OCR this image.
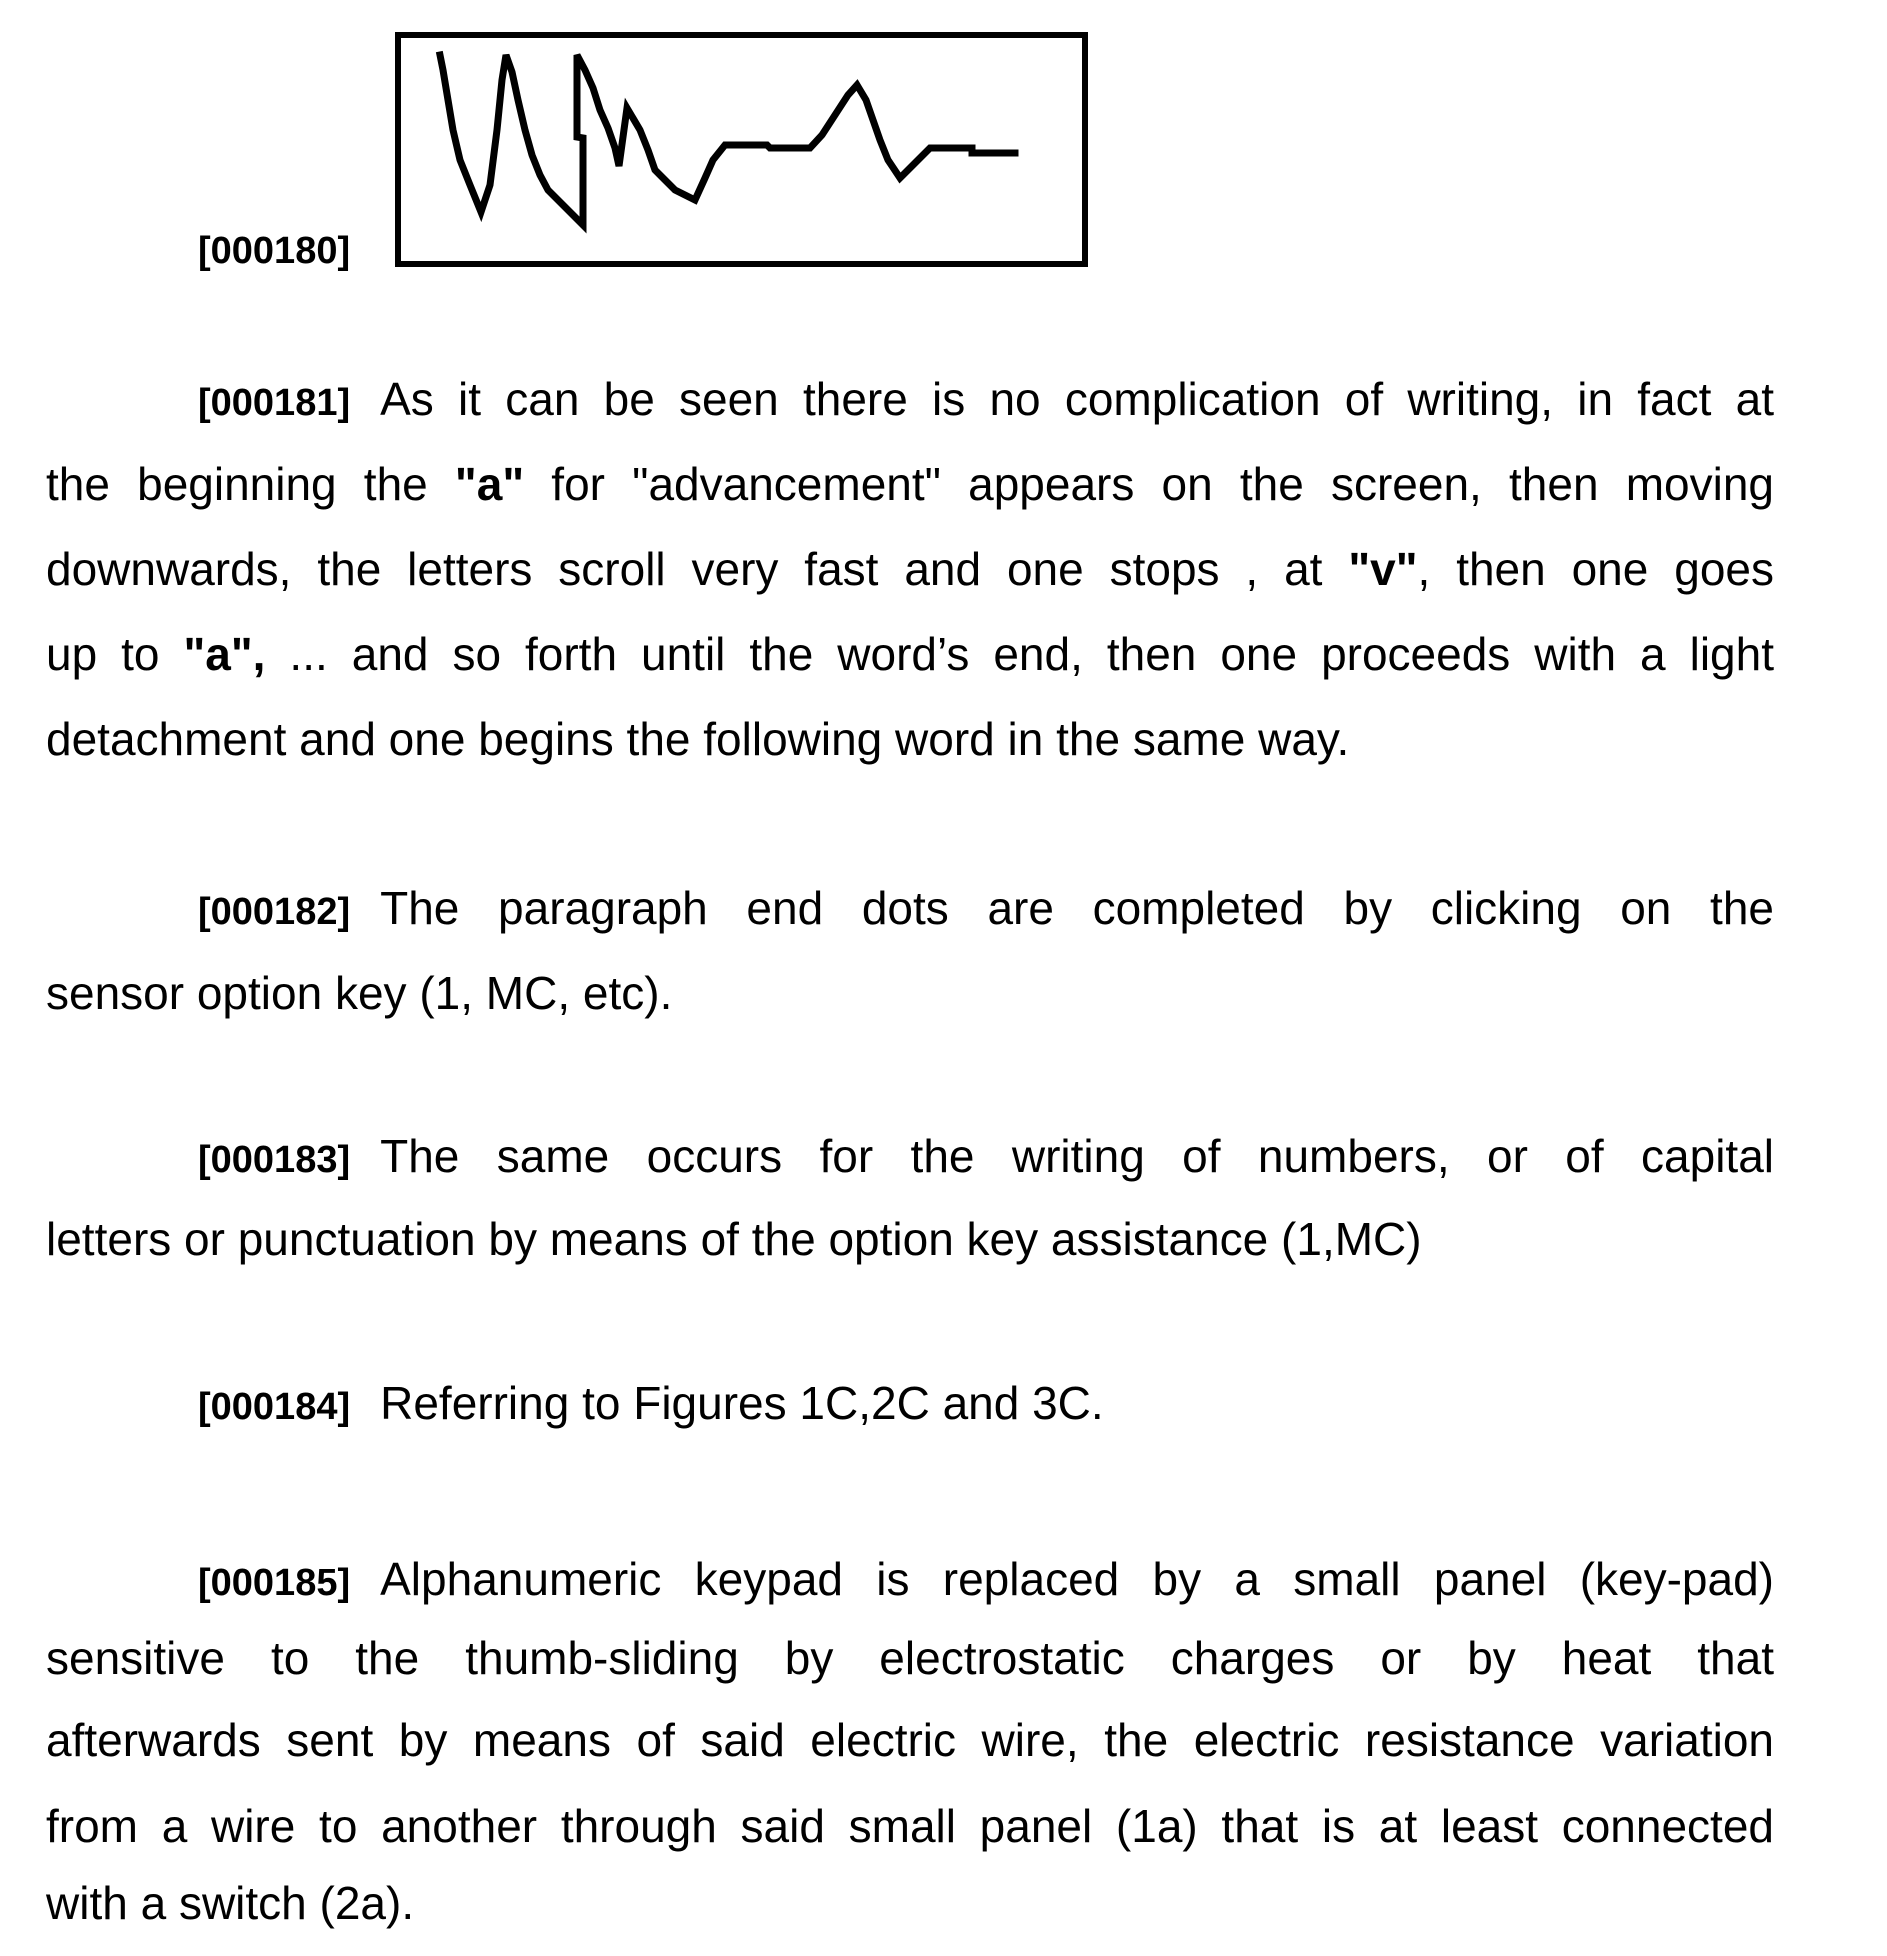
[000180]
[000181] As it can be seen there is no complication of writing, in fact at
the beginning the "a" for "advancement" appears on the screen, then moving
downwards, the letters scroll very fast and one stops , at "v", then one goes
up to "a", ... and so forth until the word’s end, then one proceeds with a light
detachment and one begins the following word in the same way.
[000182] The paragraph end dots are completed by clicking on the
sensor option key (1, MC, etc).
[000183] The same occurs for the writing of numbers, or of capital
letters or punctuation by means of the option key assistance (1,MC)
[000184] Referring to Figures 1C,2C and 3C.
[000185] Alphanumeric keypad is replaced by a small panel (key-pad)
sensitive to the thumb-sliding by electrostatic charges or by heat that
afterwards sent by means of said electric wire, the electric resistance variation
from a wire to another through said small panel (1a) that is at least connected
with a switch (2a).
